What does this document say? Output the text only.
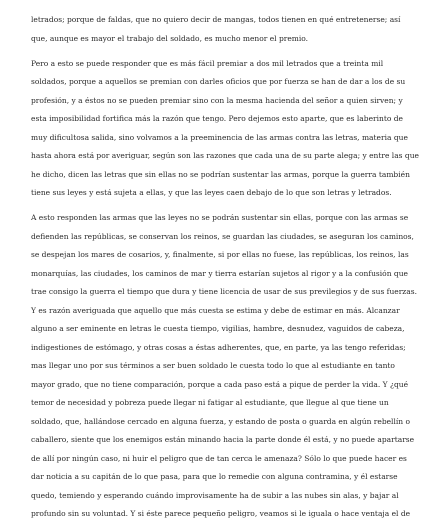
letrados; porque de faldas, que no quiero decir de mangas, todos tienen en qué entretenerse; así
que, aunque es mayor el trabajo del soldado, es mucho menor el premio.
Pero a esto se puede responder que es más fácil premiar a dos mil letrados que a treinta mil
soldados, porque a aquellos se premian con darles oficios que por fuerza se han de dar a los de su
profesión, y a éstos no se pueden premiar sino con la mesma hacienda del señor a quien sirven; y
esta imposibilidad fortifica más la razón que tengo. Pero dejemos esto aparte, que es laberinto de
muy dificultosa salida, sino volvamos a la preeminencia de las armas contra las letras, materia que
hasta ahora está por averiguar, según son las razones que cada una de su parte alega; y entre las que
he dicho, dicen las letras que sin ellas no se podrían sustentar las armas, porque la guerra también
tiene sus leyes y está sujeta a ellas, y que las leyes caen debajo de lo que son letras y letrados.
A esto responden las armas que las leyes no se podrán sustentar sin ellas, porque con las armas se
defienden las repúblicas, se conservan los reinos, se guardan las ciudades, se aseguran los caminos,
se despejan los mares de cosarios, y, finalmente, si por ellas no fuese, las repúblicas, los reinos, las
monarquías, las ciudades, los caminos de mar y tierra estarían sujetos al rigor y a la confusión que
trae consigo la guerra el tiempo que dura y tiene licencia de usar de sus previlegios y de sus fuerzas.
Y es razón averiguada que aquello que más cuesta se estima y debe de estimar en más. Alcanzar
alguno a ser eminente en letras le cuesta tiempo, vigilias, hambre, desnudez, vaguidos de cabeza,
indigestiones de estómago, y otras cosas a éstas adherentes, que, en parte, ya las tengo referidas;
mas llegar uno por sus términos a ser buen soldado le cuesta todo lo que al estudiante en tanto
mayor grado, que no tiene comparación, porque a cada paso está a pique de perder la vida. Y ¿qué
temor de necesidad y pobreza puede llegar ni fatigar al estudiante, que llegue al que tiene un
soldado, que, hallándose cercado en alguna fuerza, y estando de posta o guarda en algún rebellín o
caballero, siente que los enemigos están minando hacia la parte donde él está, y no puede apartarse
de allí por ningún caso, ni huir el peligro que de tan cerca le amenaza? Sólo lo que puede hacer es
dar noticia a su capitán de lo que pasa, para que lo remedie con alguna contramina, y él estarse
quedo, temiendo y esperando cuándo improvisamente ha de subir a las nubes sin alas, y bajar al
profundo sin su voluntad. Y si éste parece pequeño peligro, veamos si le iguala o hace ventaja el de
